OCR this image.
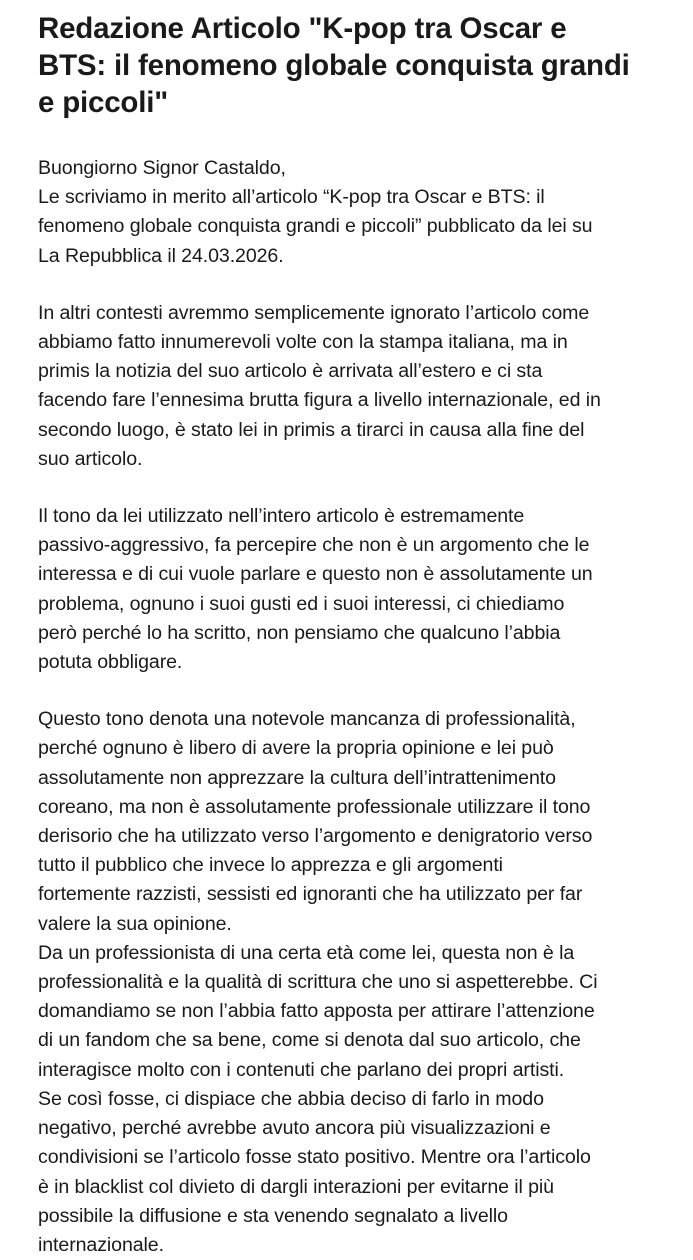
Redazione Articolo "K-pop tra Oscar e
BTS: il fenomeno globale conquista grandi
e piccoli"

Buongiorno Signor Castaldo,
Le scriviamo in merito all’articolo “K-pop tra Oscar e BTS: il
fenomeno globale conquista grandi e piccoli” pubblicato da lei su
La Repubblica il 24.03.2026.

In altri contesti avremmo semplicemente ignorato l’articolo come
abbiamo fatto innumerevoli volte con la stampa italiana, ma in
primis la notizia del suo articolo è arrivata all’estero e ci sta
facendo fare l’ennesima brutta figura a livello internazionale, ed in
secondo luogo, è stato lei in primis a tirarci in causa alla fine del
suo articolo.

Il tono da lei utilizzato nell’intero articolo è estremamente
passivo-aggressivo, fa percepire che non è un argomento che le
interessa e di cui vuole parlare e questo non è assolutamente un
problema, ognuno i suoi gusti ed i suoi interessi, ci chiediamo
però perché lo ha scritto, non pensiamo che qualcuno l’abbia
potuta obbligare.

Questo tono denota una notevole mancanza di professionalità,
perché ognuno è libero di avere la propria opinione e lei può
assolutamente non apprezzare la cultura dell’intrattenimento
coreano, ma non è assolutamente professionale utilizzare il tono
derisorio che ha utilizzato verso l’argomento e denigratorio verso
tutto il pubblico che invece lo apprezza e gli argomenti
fortemente razzisti, sessisti ed ignoranti che ha utilizzato per far
valere la sua opinione.
Da un professionista di una certa età come lei, questa non è la
professionalità e la qualità di scrittura che uno si aspetterebbe. Ci
domandiamo se non l’abbia fatto apposta per attirare l’attenzione
di un fandom che sa bene, come si denota dal suo articolo, che
interagisce molto con i contenuti che parlano dei propri artisti.
Se così fosse, ci dispiace che abbia deciso di farlo in modo
negativo, perché avrebbe avuto ancora più visualizzazioni e
condivisioni se l’articolo fosse stato positivo. Mentre ora l’articolo
è in blacklist col divieto di dargli interazioni per evitarne il più
possibile la diffusione e sta venendo segnalato a livello
internazionale.
